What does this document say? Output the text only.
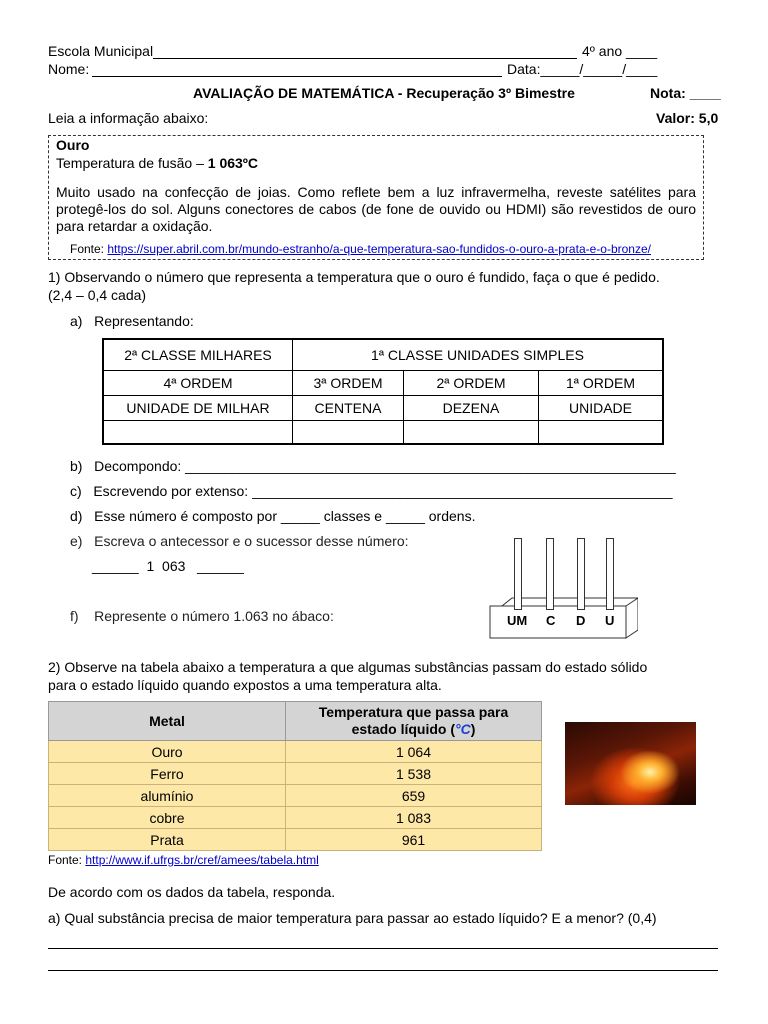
Escola Municipal	4º ano ____
Nome:	Data:_____/_____/____
AVALIAÇÃO DE MATEMÁTICA - Recuperação 3º Bimestre	Nota: ____
Leia a informação abaixo:	Valor: 5,0
Ouro
Temperatura de fusão – 1 063ºC
Muito usado na confecção de joias. Como reflete bem a luz infravermelha, reveste satélites para protegê-los do sol. Alguns conectores de cabos (de fone de ouvido ou HDMI) são revestidos de ouro para retardar a oxidação.
Fonte: https://super.abril.com.br/mundo-estranho/a-que-temperatura-sao-fundidos-o-ouro-a-prata-e-o-bronze/
1) Observando o número que representa a temperatura que o ouro é fundido, faça o que é pedido.
(2,4 – 0,4 cada)
a)   Representando:
2ª CLASSE MILHARES	1ª CLASSE UNIDADES SIMPLES		
4ª ORDEM	3ª ORDEM	2ª ORDEM	1ª ORDEM
UNIDADE DE MILHAR	CENTENA	DEZENA	UNIDADE

b)   Decompondo: _______________________________________________________________
c)   Escrevendo por extenso: ______________________________________________________
d)   Esse número é composto por _____ classes e _____ ordens.
e)   Escreva o antecessor e o sucessor desse número:
______  1  063   ______
f)    Represente o número 1.063 no ábaco:	UM C D U
2) Observe na tabela abaixo a temperatura a que algumas substâncias passam do estado sólido
para o estado líquido quando expostos a uma temperatura alta.
Metal	Temperatura que passa para
estado líquido (°C)
Ouro	1 064
Ferro	1 538
alumínio	659
cobre	1 083
Prata	961
Fonte: http://www.if.ufrgs.br/cref/amees/tabela.html
De acordo com os dados da tabela, responda.
a) Qual substância precisa de maior temperatura para passar ao estado líquido? E a menor? (0,4)
